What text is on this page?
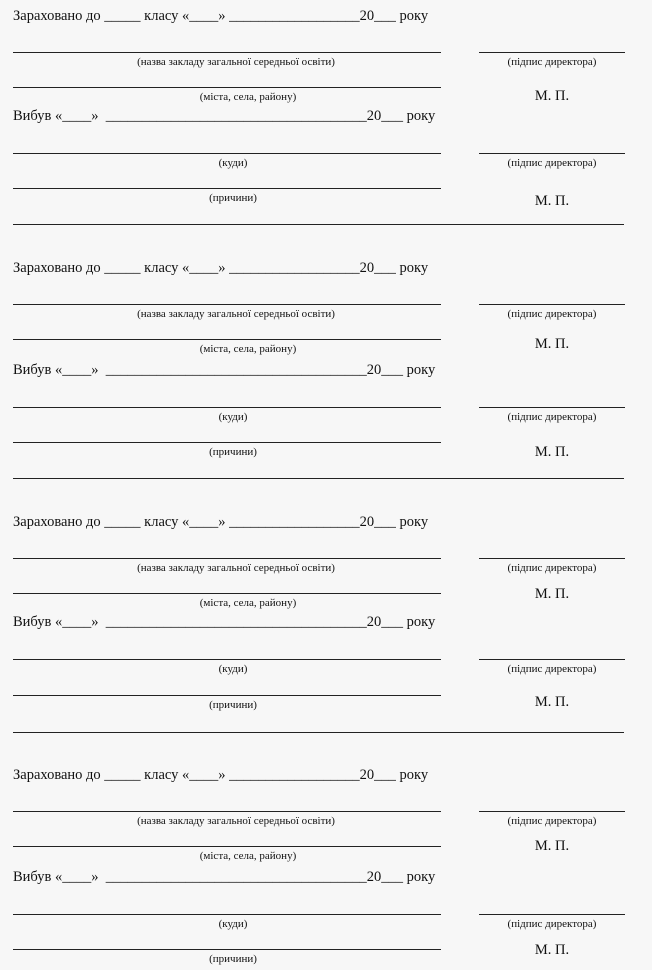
Зараховано до _____ класу «____» __________________20___ року
(назва закладу загальної середньої освіти)	(підпис директора)
(міста, села, району)	М. П.
Вибув «____»  ____________________________________20___ року
(куди)	(підпис директора)
(причини)	М. П.
Зараховано до _____ класу «____» __________________20___ року
(назва закладу загальної середньої освіти)	(підпис директора)
(міста, села, району)	М. П.
Вибув «____»  ____________________________________20___ року
(куди)	(підпис директора)
(причини)	М. П.
Зараховано до _____ класу «____» __________________20___ року
(назва закладу загальної середньої освіти)	(підпис директора)
(міста, села, району)
М. П.
Вибув «____»  ____________________________________20___ року
(куди)	(підпис директора)
(причини)	М. П.
Зараховано до _____ класу «____» __________________20___ року
(назва закладу загальної середньої освіти)	(підпис директора)
(міста, села, району)
М. П.
Вибув «____»  ____________________________________20___ року
(куди)	(підпис директора)
(причини)
М. П.
